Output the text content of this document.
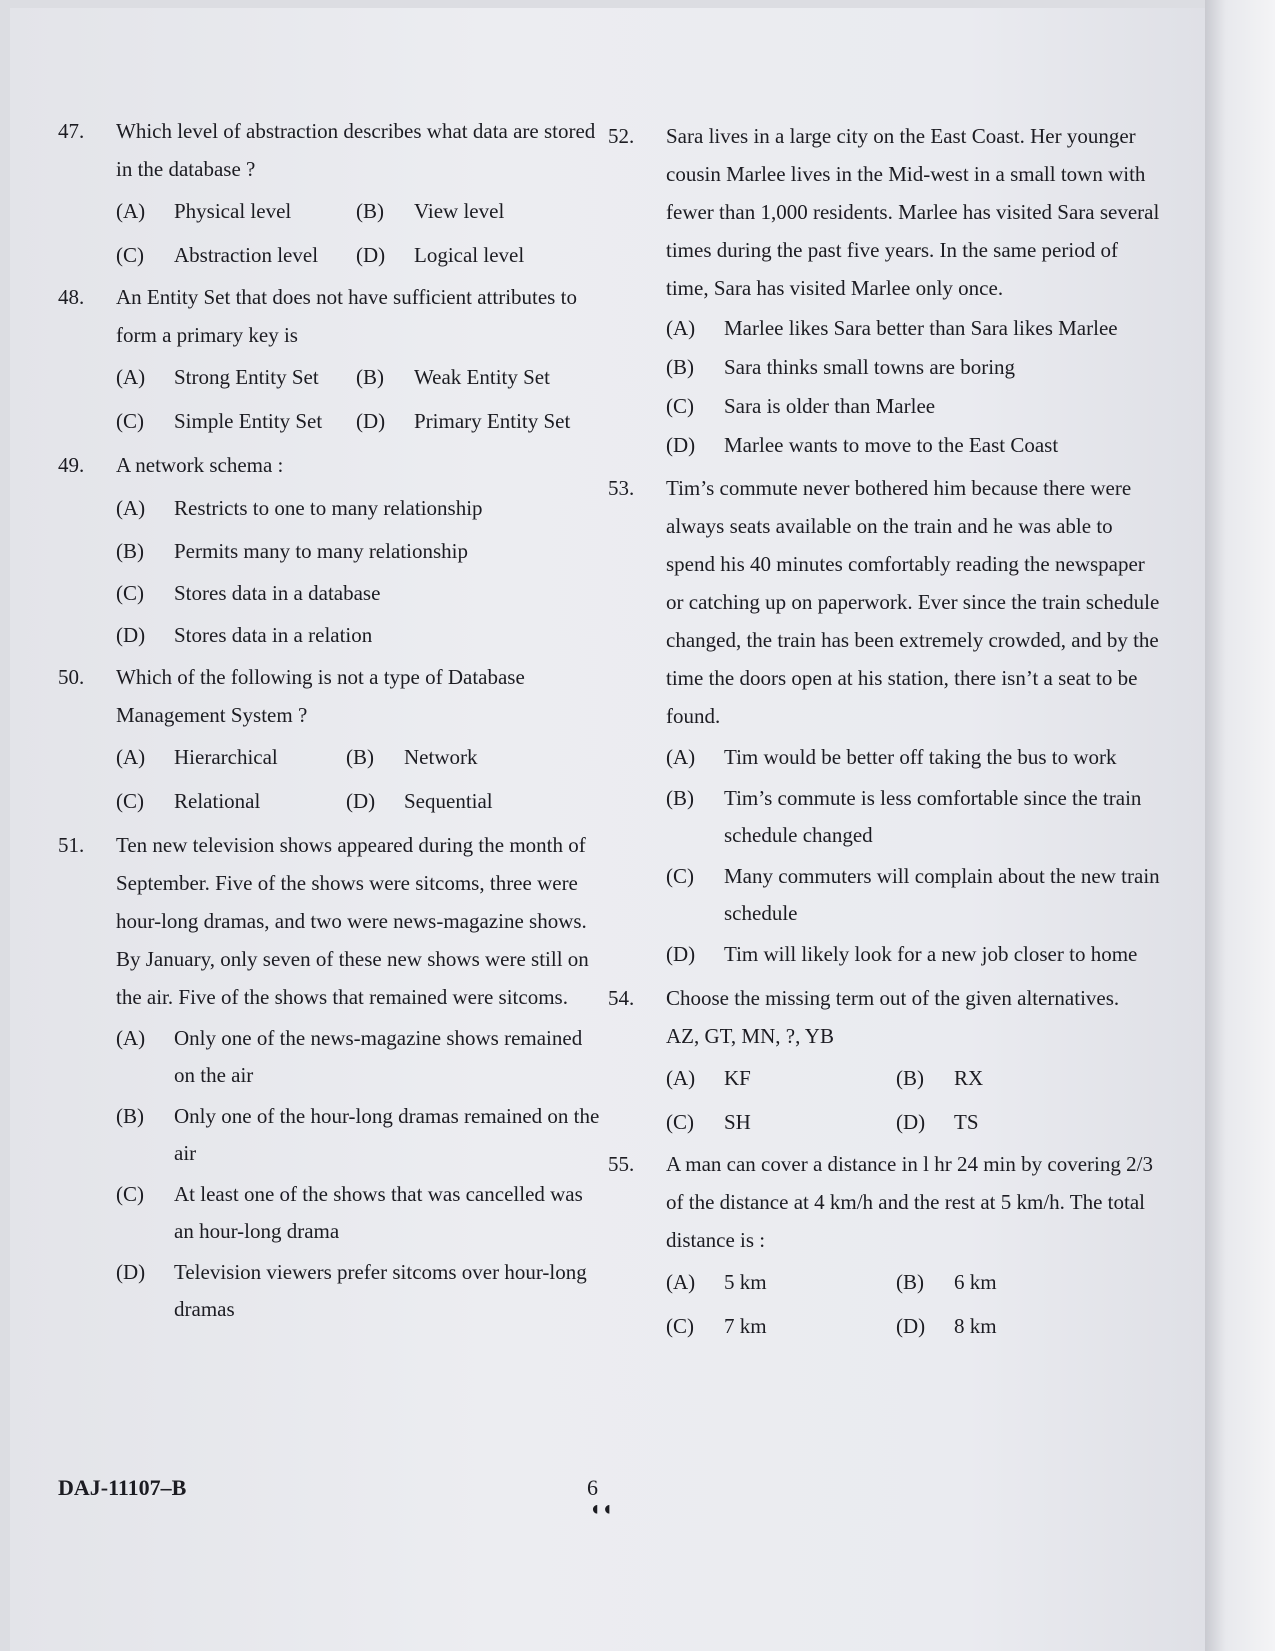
47. Which level of abstraction describes what data are stored in the database ?
(A)	Physical level	(B)	View level
(C)	Abstraction level (D)	Logical level
48. An Entity Set that does not have sufficient attributes to form a primary key is
(A)	Strong Entity Set (B)	Weak Entity Set
(C)	Simple Entity Set (D)	Primary Entity Set
49. A network schema :
(A)	Restricts to one to many relationship
(B)	Permits many to many relationship
(C)	Stores data in a database
(D)	Stores data in a relation
50. Which of the following is not a type of Database Management System ?
(A)	Hierarchical	(B)	Network
(C)	Relational	(D)	Sequential
51. Ten new television shows appeared during the month of September. Five of the shows were sitcoms, three were hour-long dramas, and two were news-magazine shows. By January, only seven of these new shows were still on the air. Five of the shows that remained were sitcoms.
(A)	Only one of the news-magazine shows remained on the air
(B)	Only one of the hour-long dramas remained on the air
(C)	At least one of the shows that was cancelled was an hour-long drama
(D)	Television viewers prefer sitcoms over hour-long dramas
52. Sara lives in a large city on the East Coast. Her younger cousin Marlee lives in the Mid-west in a small town with fewer than 1,000 residents. Marlee has visited Sara several times during the past five years. In the same period of time, Sara has visited Marlee only once.
(A)	Marlee likes Sara better than Sara likes Marlee
(B)	Sara thinks small towns are boring
(C)	Sara is older than Marlee
(D)	Marlee wants to move to the East Coast
53. Tim’s commute never bothered him because there were always seats available on the train and he was able to spend his 40 minutes comfortably reading the newspaper or catching up on paperwork. Ever since the train schedule changed, the train has been extremely crowded, and by the time the doors open at his station, there isn’t a seat to be found.
(A)	Tim would be better off taking the bus to work
(B)	Tim’s commute is less comfortable since the train schedule changed
(C)	Many commuters will complain about the new train schedule
(D)	Tim will likely look for a new job closer to home
54. Choose the missing term out of the given alternatives.
AZ, GT, MN, ?, YB
(A)	KF	(B)	RX
(C)	SH	(D)	TS
55. A man can cover a distance in l hr 24 min by covering 2/3 of the distance at 4 km/h and the rest at 5 km/h. The total distance is :
(A)	5 km	(B)	6 km
(C)	7 km	(D)	8 km
DAJ-11107–B	6
◖◖
